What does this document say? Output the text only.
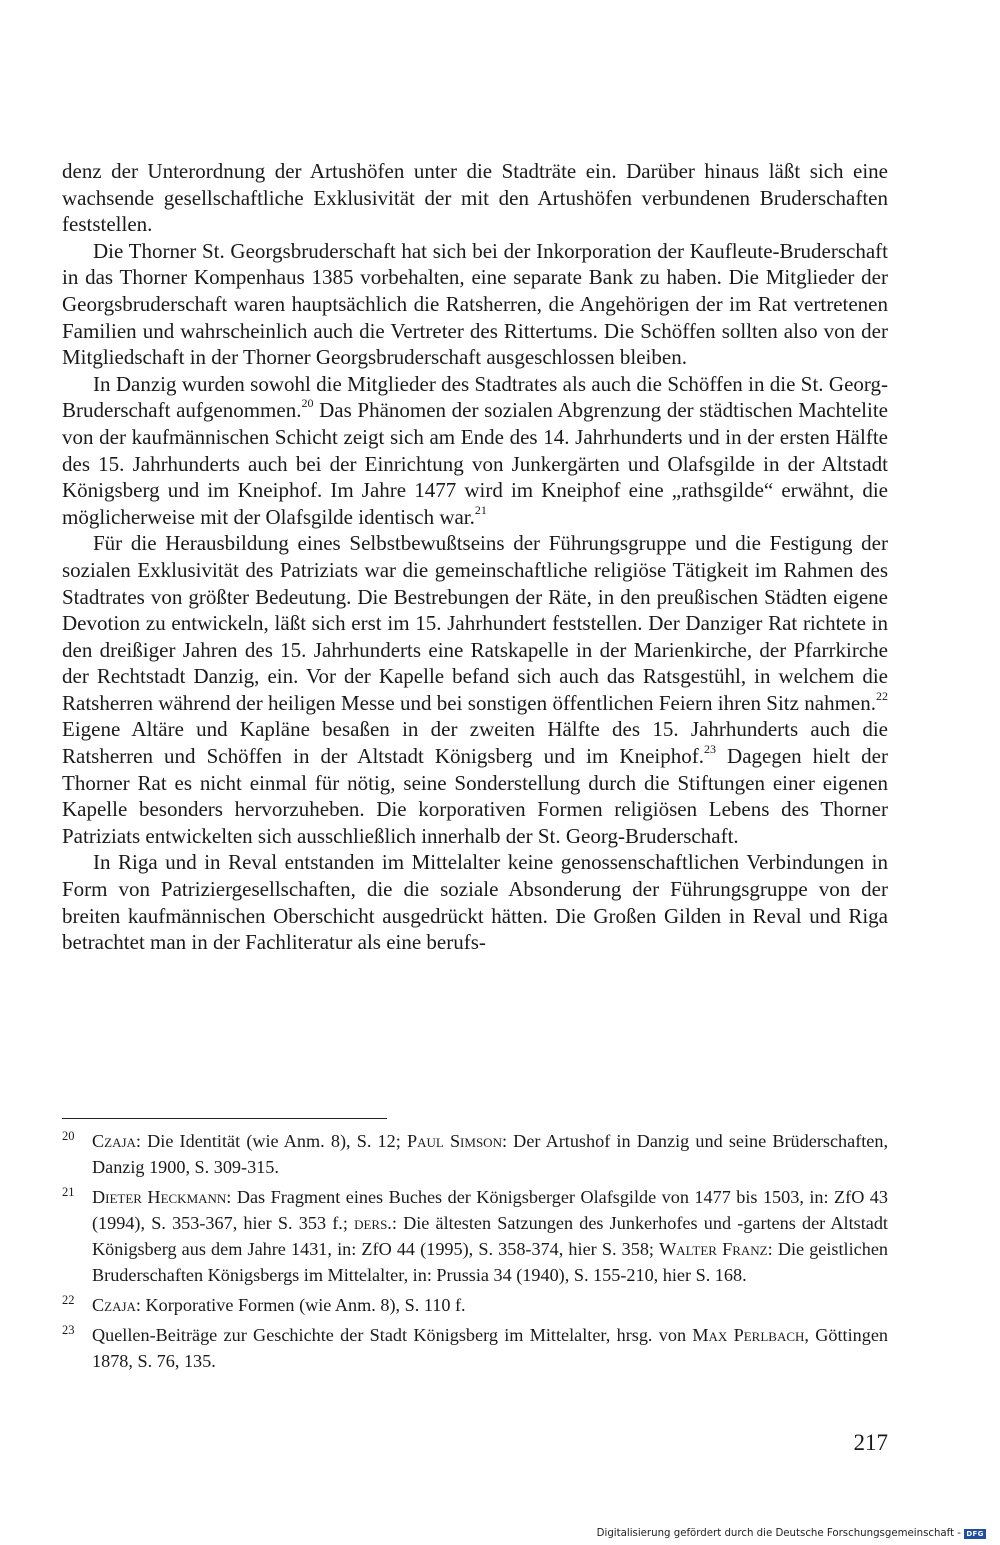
denz der Unterordnung der Artushöfen unter die Stadträte ein. Darüber hinaus läßt sich eine wachsende gesellschaftliche Exklusivität der mit den Artushöfen verbundenen Bruderschaften feststellen.

Die Thorner St. Georgsbruderschaft hat sich bei der Inkorporation der Kaufleute-Bruderschaft in das Thorner Kompenhaus 1385 vorbehalten, eine separate Bank zu haben. Die Mitglieder der Georgsbruderschaft waren hauptsächlich die Ratsherren, die Angehörigen der im Rat vertretenen Familien und wahrscheinlich auch die Vertreter des Rittertums. Die Schöffen sollten also von der Mitgliedschaft in der Thorner Georgsbruderschaft ausgeschlossen bleiben.

In Danzig wurden sowohl die Mitglieder des Stadtrates als auch die Schöffen in die St. Georg-Bruderschaft aufgenommen.$^{20}$ Das Phänomen der sozialen Abgrenzung der städtischen Machtelite von der kaufmännischen Schicht zeigt sich am Ende des 14. Jahrhunderts und in der ersten Hälfte des 15. Jahrhunderts auch bei der Einrichtung von Junkergärten und Olafsgilde in der Altstadt Königsberg und im Kneiphof. Im Jahre 1477 wird im Kneiphof eine „rathsgilde“ erwähnt, die möglicherweise mit der Olafsgilde identisch war.$^{21}$

Für die Herausbildung eines Selbstbewußtseins der Führungsgruppe und die Festigung der sozialen Exklusivität des Patriziats war die gemeinschaftliche religiöse Tätigkeit im Rahmen des Stadtrates von größter Bedeutung. Die Bestrebungen der Räte, in den preußischen Städten eigene Devotion zu entwickeln, läßt sich erst im 15. Jahrhundert feststellen. Der Danziger Rat richtete in den dreißiger Jahren des 15. Jahrhunderts eine Ratskapelle in der Marienkirche, der Pfarrkirche der Rechtstadt Danzig, ein. Vor der Kapelle befand sich auch das Ratsgestühl, in welchem die Ratsherren während der heiligen Messe und bei sonstigen öffentlichen Feiern ihren Sitz nahmen.$^{22}$ Eigene Altäre und Kapläne besaßen in der zweiten Hälfte des 15. Jahrhunderts auch die Ratsherren und Schöffen in der Altstadt Königsberg und im Kneiphof.$^{23}$ Dagegen hielt der Thorner Rat es nicht einmal für nötig, seine Sonderstellung durch die Stiftungen einer eigenen Kapelle besonders hervorzuheben. Die korporativen Formen religiösen Lebens des Thorner Patriziats entwickelten sich ausschließlich innerhalb der St. Georg-Bruderschaft.

In Riga und in Reval entstanden im Mittelalter keine genossenschaftlichen Verbindungen in Form von Patriziergesellschaften, die die soziale Absonderung der Führungsgruppe von der breiten kaufmännischen Oberschicht ausgedrückt hätten. Die Großen Gilden in Reval und Riga betrachtet man in der Fachliteratur als eine berufs-

20 Czaja: Die Identität (wie Anm. 8), S. 12; Paul Simson: Der Artushof in Danzig und seine Brüderschaften, Danzig 1900, S. 309-315.
21 Dieter Heckmann: Das Fragment eines Buches der Königsberger Olafsgilde von 1477 bis 1503, in: ZfO 43 (1994), S. 353-367, hier S. 353 f.; ders.: Die ältesten Satzungen des Junkerhofes und -gartens der Altstadt Königsberg aus dem Jahre 1431, in: ZfO 44 (1995), S. 358-374, hier S. 358; Walter Franz: Die geistlichen Bruderschaften Königsbergs im Mittelalter, in: Prussia 34 (1940), S. 155-210, hier S. 168.
22 Czaja: Korporative Formen (wie Anm. 8), S. 110 f.
23 Quellen-Beiträge zur Geschichte der Stadt Königsberg im Mittelalter, hrsg. von Max Perlbach, Göttingen 1878, S. 76, 135.
217
Digitalisierung gefördert durch die Deutsche Forschungsgemeinschaft - DFG
